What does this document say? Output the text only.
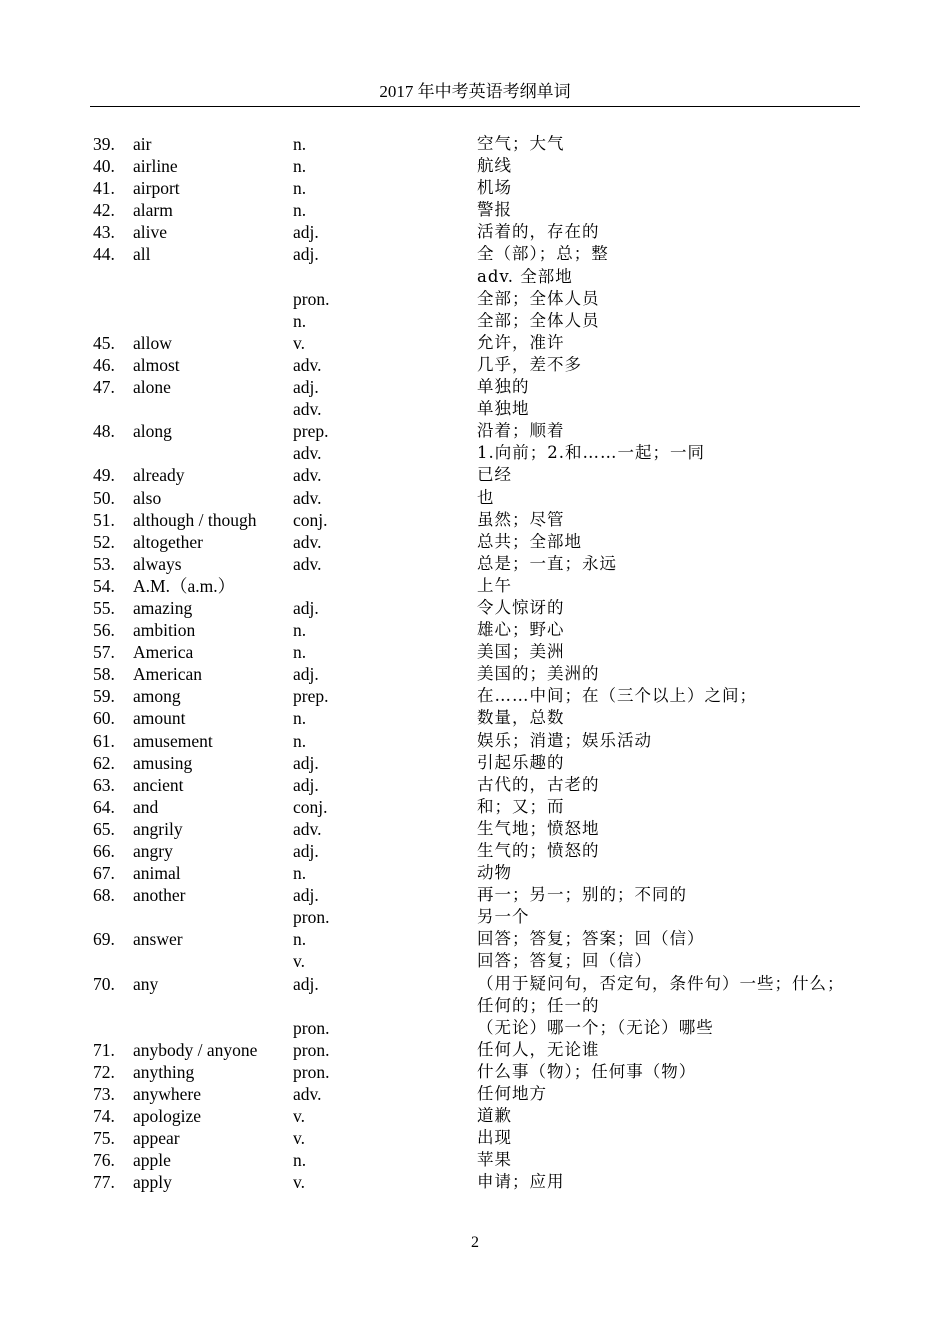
2017 年中考英语考纲单词
39. air	n.	空气；大气
40. airline	n.	航线
41. airport	n.	机场
42. alarm	n.	警报
43. alive	adj.	活着的，存在的
44. all	adj.	全（部）；总；整
adv. 全部地
pron.	全部；全体人员
n.	全部；全体人员
45. allow	v.	允许，准许
46. almost	adv.	几乎，差不多
47. alone	adj.	单独的
adv.	单独地
48. along	prep.	沿着；顺着
adv.	1.向前；2.和……一起；一同
49. already	adv.	已经
50. also	adv.	也
51. although / though conj.	虽然；尽管
52. altogether	adv.	总共；全部地
53. always	adv.	总是；一直；永远
54. A.M.（a.m.）	上午
55. amazing	adj.	令人惊讶的
56. ambition	n.	雄心；野心
57. America	n.	美国；美洲
58. American	adj.	美国的；美洲的
59. among	prep.	在……中间；在（三个以上）之间；
60. amount	n.	数量，总数
61. amusement	n.	娱乐；消遣；娱乐活动
62. amusing	adj.	引起乐趣的
63. ancient	adj.	古代的，古老的
64. and	conj.	和；又；而
65. angrily	adv.	生气地；愤怒地
66. angry	adj.	生气的；愤怒的
67. animal	n.	动物
68. another	adj.	再一；另一；别的；不同的
pron.	另一个
69. answer	n.	回答；答复；答案；回（信）
v.	回答；答复；回（信）
70. any	adj.	（用于疑问句，否定句，条件句）一些；什么；
任何的；任一的
pron.	（无论）哪一个；（无论）哪些
71. anybody / anyone pron.	任何人，无论谁
72. anything	pron.	什么事（物）；任何事（物）
73. anywhere	adv.	任何地方
74. apologize	v.	道歉
75. appear	v.	出现
76. apple	n.	苹果
77. apply	v.	申请；应用
2
